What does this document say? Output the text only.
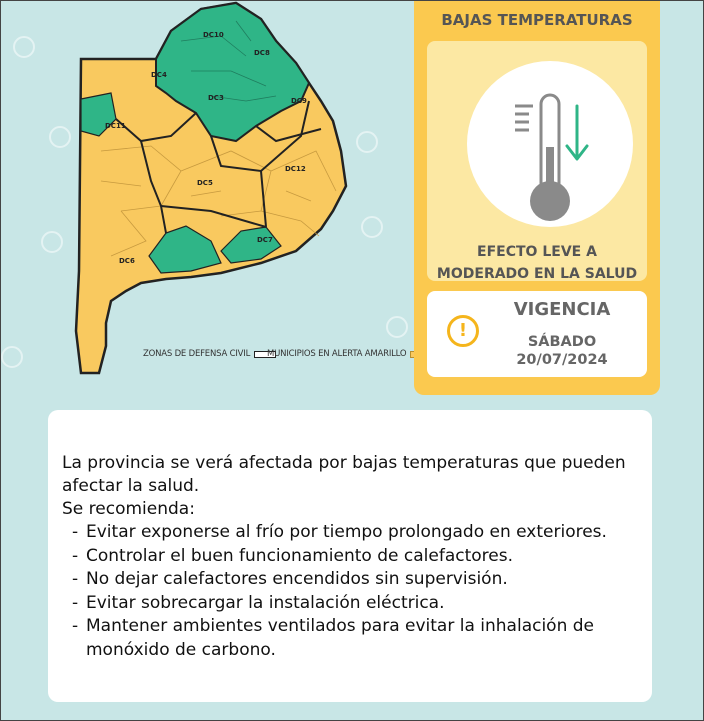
DC10
DC8
DC4
DC3	DC9
DC11
DC12
DC5
DC7
DC6
ZONAS DE DEFENSA CIVIL MUNICIPIOS EN ALERTA AMARILLO
BAJAS TEMPERATURAS
EFECTO LEVE A
MODERADO EN LA SALUD
!
VIGENCIA
SÁBADO
20/07/2024
La provincia se verá afectada por bajas temperaturas que pueden
afectar la salud.
Se recomienda:
- Evitar exponerse al frío por tiempo prolongado en exteriores.
- Controlar el buen funcionamiento de calefactores.
- No dejar calefactores encendidos sin supervisión.
- Evitar sobrecargar la instalación eléctrica.
- Mantener ambientes ventilados para evitar la inhalación de monóxido de carbono.
